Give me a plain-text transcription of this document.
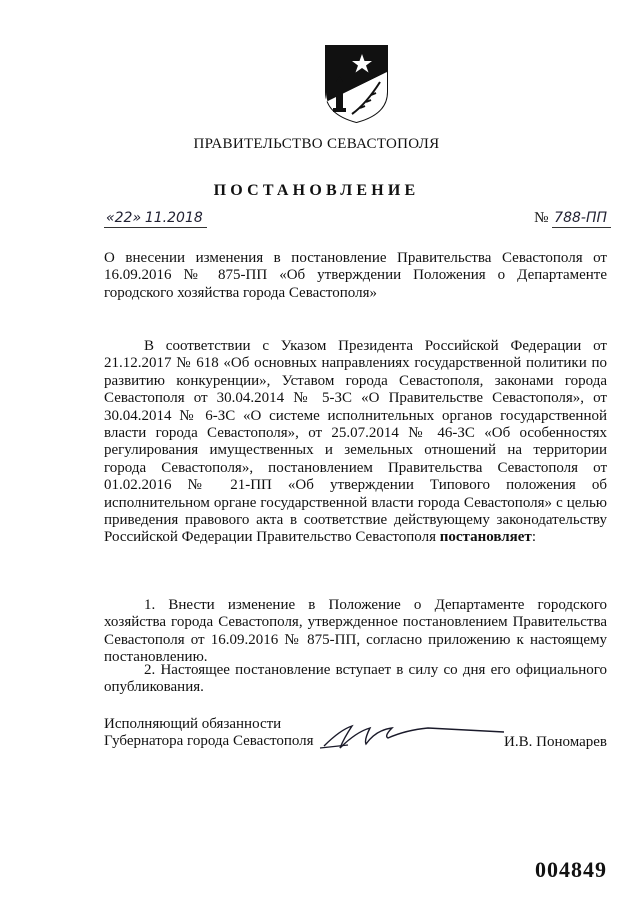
ПРАВИТЕЛЬСТВО СЕВАСТОПОЛЯ
ПОСТАНОВЛЕНИЕ
«22» 11.2018	№ 788-ПП

О внесении изменения в постановление Правительства Севастополя от 16.09.2016 № 875-ПП «Об утверждении Положения о Департаменте городского хозяйства города Севастополя»

В соответствии с Указом Президента Российской Федерации от 21.12.2017 № 618 «Об основных направлениях государственной политики по развитию конкуренции», Уставом города Севастополя, законами города Севастополя от 30.04.2014 № 5-ЗС «О Правительстве Севастополя», от 30.04.2014 № 6-ЗС «О системе исполнительных органов государственной власти города Севастополя», от 25.07.2014 № 46-ЗС «Об особенностях регулирования имущественных и земельных отношений на территории города Севастополя», постановлением Правительства Севастополя от 01.02.2016 № 21-ПП «Об утверждении Типового положения об исполнительном органе государственной власти города Севастополя» с целью приведения правового акта в соответствие действующему законодательству Российской Федерации Правительство Севастополя постановляет:

1. Внести изменение в Положение о Департаменте городского хозяйства города Севастополя, утвержденное постановлением Правительства Севастополя от 16.09.2016 № 875-ПП, согласно приложению к настоящему постановлению.

2. Настоящее постановление вступает в силу со дня его официального опубликования.

Исполняющий обязанности
Губернатора города Севастополя	И.В. Пономарев
004849
